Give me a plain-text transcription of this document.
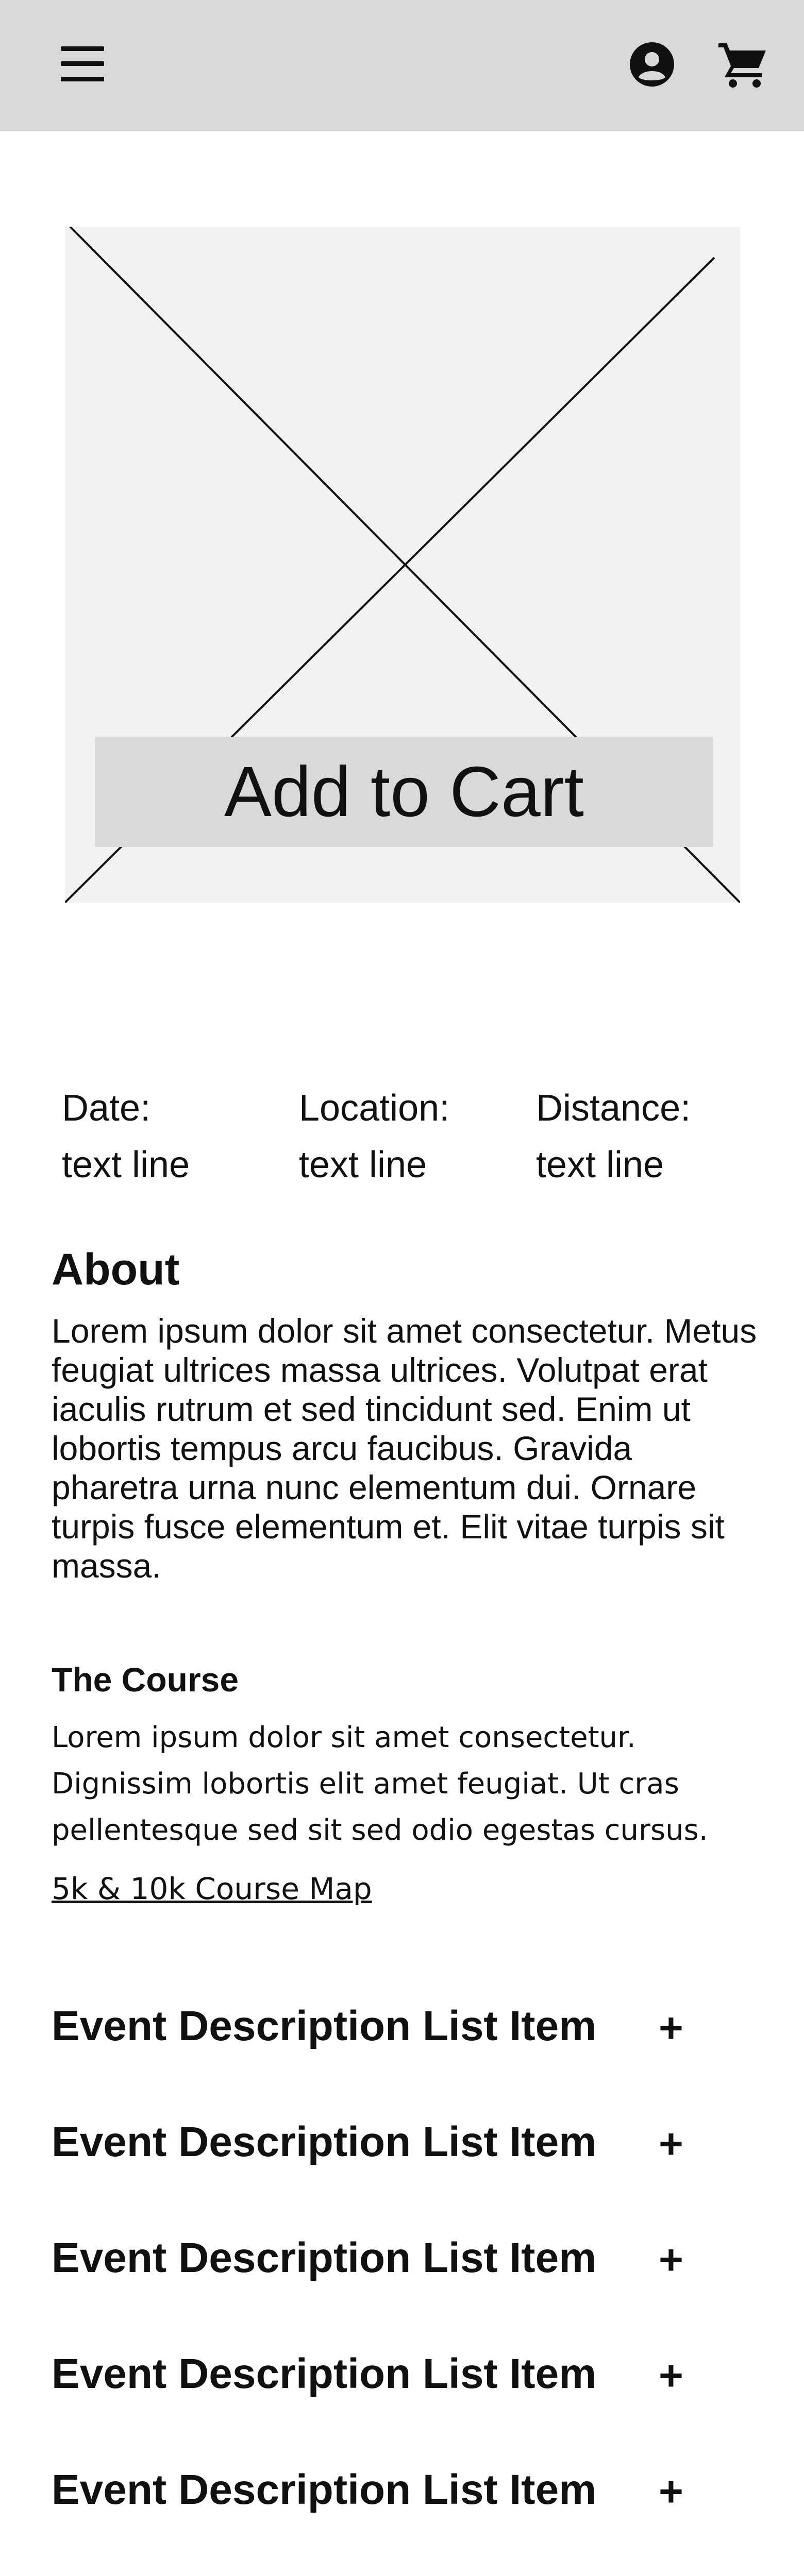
Add to Cart
Date:
text line
Location:
text line
Distance:
text line
About
Lorem ipsum dolor sit amet consectetur. Metus feugiat ultrices massa ultrices. Volutpat erat iaculis rutrum et sed tincidunt sed. Enim ut lobortis tempus arcu faucibus. Gravida pharetra urna nunc elementum dui. Ornare turpis fusce elementum et. Elit vitae turpis sit massa.
The Course
Lorem ipsum dolor sit amet consectetur. Dignissim lobortis elit amet feugiat. Ut cras pellentesque sed sit sed odio egestas cursus.
5k & 10k Course Map
Event Description List Item +
Event Description List Item +
Event Description List Item +
Event Description List Item +
Event Description List Item +
